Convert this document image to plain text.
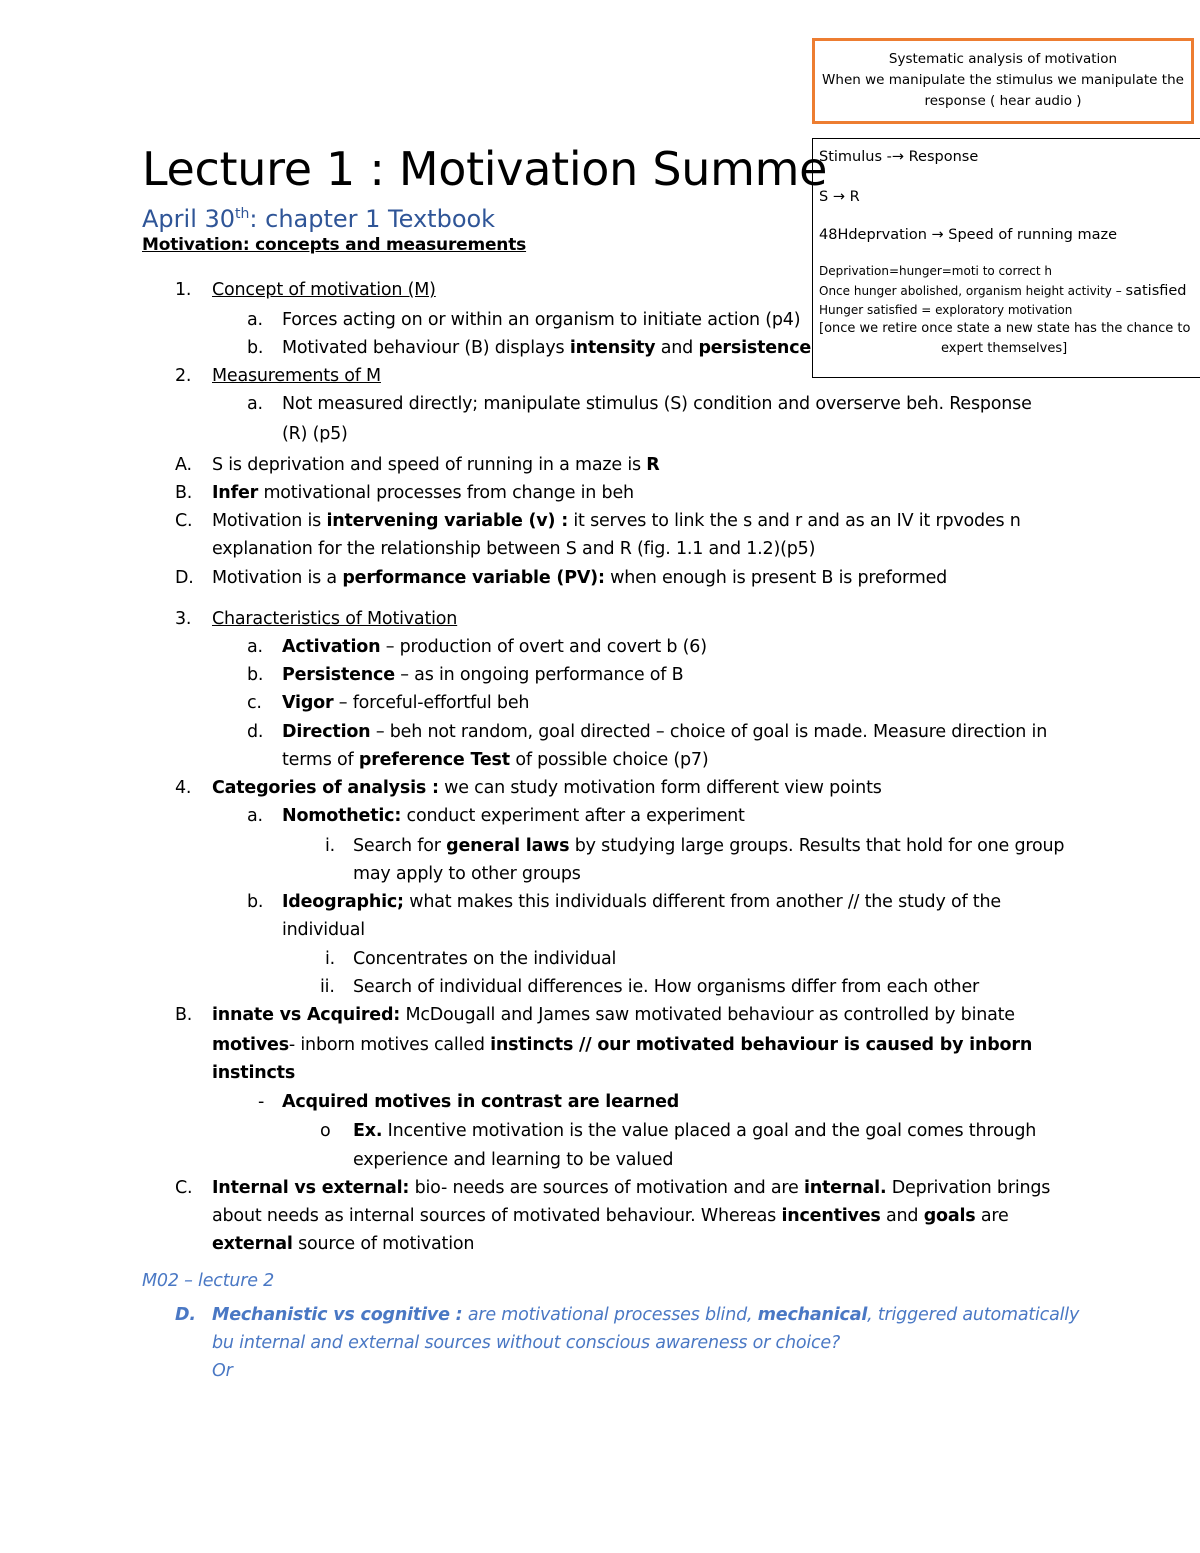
Systematic analysis of motivation
When we manipulate the stimulus we manipulate the
response ( hear audio )
Stimulus -→ Response
S → R
48Hdeprvation → Speed of running maze
Deprivation=hunger=moti to correct h
Once hunger abolished, organism height activity – satisfied
Hunger satisfied = exploratory motivation
[once we retire once state a new state has the chance to
expert themselves]
Lecture 1 : Motivation Summe
April 30th: chapter 1 Textbook
Motivation: concepts and measurements
1.
a.
b.
2.
a.
A.
B.
C.
D.
3.
a.
b.
c.
d.
4.
a.
i.
b.
i.
ii.
B.
-
o
C.
D.
Concept of motivation (M)
Forces acting on or within an organism to initiate action (p4)
Motivated behaviour (B) displays intensity and persistence
Measurements of M
Not measured directly; manipulate stimulus (S) condition and overserve beh. Response
(R) (p5)
S is deprivation and speed of running in a maze is R
Infer motivational processes from change in beh
Motivation is intervening variable (v) : it serves to link the s and r and as an IV it rpvodes n
explanation for the relationship between S and R (fig. 1.1 and 1.2)(p5)
Motivation is a performance variable (PV): when enough is present B is preformed
Characteristics of Motivation
Activation – production of overt and covert b (6)
Persistence – as in ongoing performance of B
Vigor – forceful-effortful beh
Direction – beh not random, goal directed – choice of goal is made. Measure direction in
terms of preference Test of possible choice (p7)
Categories of analysis : we can study motivation form different view points
Nomothetic: conduct experiment after a experiment
Search for general laws by studying large groups. Results that hold for one group
may apply to other groups
Ideographic; what makes this individuals different from another // the study of the
individual
Concentrates on the individual
Search of individual differences ie. How organisms differ from each other
innate vs Acquired: McDougall and James saw motivated behaviour as controlled by binate
motives- inborn motives called instincts // our motivated behaviour is caused by inborn
instincts
Acquired motives in contrast are learned
Ex. Incentive motivation is the value placed a goal and the goal comes through
experience and learning to be valued
Internal vs external: bio- needs are sources of motivation and are internal. Deprivation brings
about needs as internal sources of motivated behaviour. Whereas incentives and goals are
external source of motivation
M02 – lecture 2
Mechanistic vs cognitive : are motivational processes blind, mechanical, triggered automatically
bu internal and external sources without conscious awareness or choice?
Or
